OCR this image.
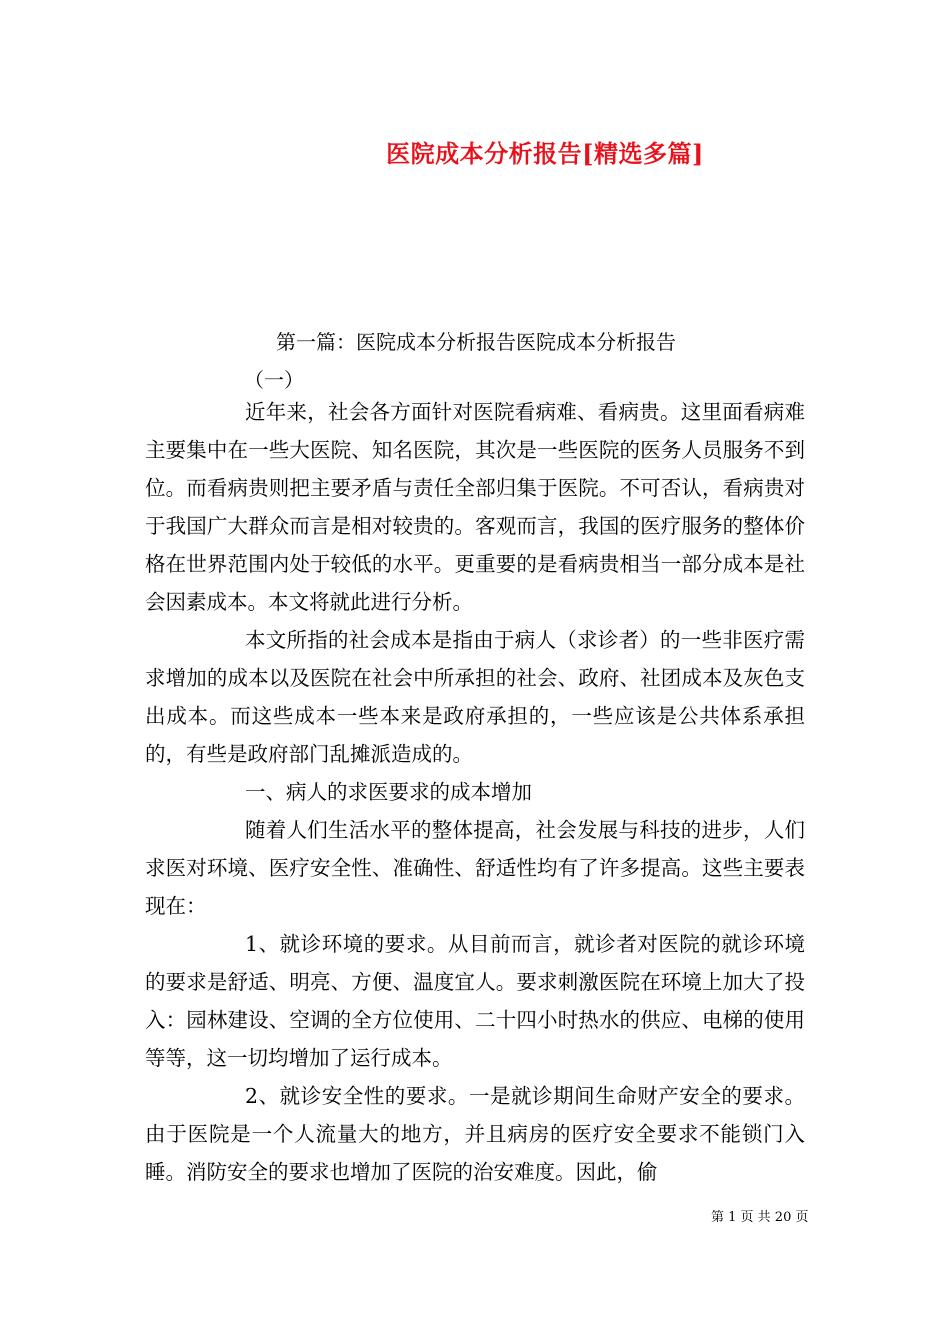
医院成本分析报告[精选多篇]
第一篇：医院成本分析报告医院成本分析报告
（一）

近年来，社会各方面针对医院看病难、看病贵。这里面看病难主要集中在一些大医院、知名医院，其次是一些医院的医务人员服务不到位。而看病贵则把主要矛盾与责任全部归集于医院。不可否认，看病贵对于我国广大群众而言是相对较贵的。客观而言，我国的医疗服务的整体价格在世界范围内处于较低的水平。更重要的是看病贵相当一部分成本是社会因素成本。本文将就此进行分析。

本文所指的社会成本是指由于病人（求诊者）的一些非医疗需求增加的成本以及医院在社会中所承担的社会、政府、社团成本及灰色支出成本。而这些成本一些本来是政府承担的，一些应该是公共体系承担的，有些是政府部门乱摊派造成的。

一、病人的求医要求的成本增加

随着人们生活水平的整体提高，社会发展与科技的进步，人们求医对环境、医疗安全性、准确性、舒适性均有了许多提高。这些主要表现在：

1、就诊环境的要求。从目前而言，就诊者对医院的就诊环境的要求是舒适、明亮、方便、温度宜人。要求刺激医院在环境上加大了投入：园林建设、空调的全方位使用、二十四小时热水的供应、电梯的使用等等，这一切均增加了运行成本。

2、就诊安全性的要求。一是就诊期间生命财产安全的要求。由于医院是一个人流量大的地方，并且病房的医疗安全要求不能锁门入睡。消防安全的要求也增加了医院的治安难度。因此，偷

第 1 页 共 20 页
